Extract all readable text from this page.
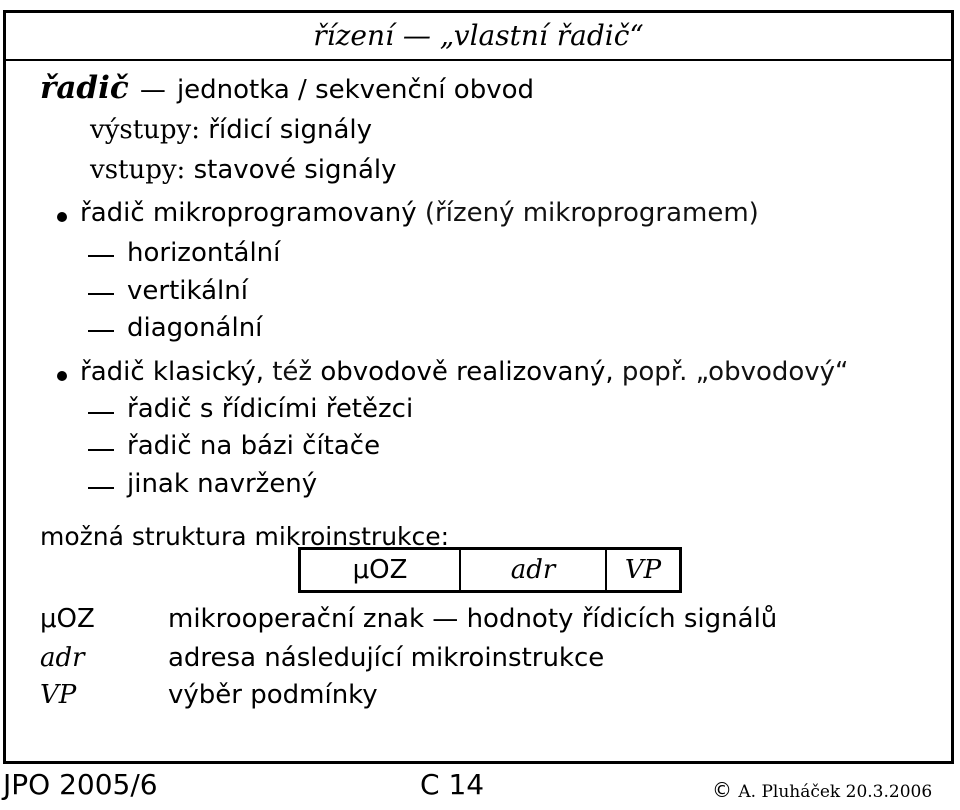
řízení — „vlastní řadič“
řadič — jednotka / sekvenční obvod
výstupy: řídicí signály
vstupy: stavové signály
řadič mikroprogramovaný (řízený mikroprogramem)
horizontální
vertikální
diagonální
řadič klasický, též obvodově realizovaný, popř. „obvodový“
řadič s řídicími řetězci
řadič na bázi čítače
jinak navržený
možná struktura mikroinstrukce:
μOZ	adr	VP
μOZ	mikrooperační znak — hodnoty řídicích signálů
adr	adresa následující mikroinstrukce
VP	výběr podmínky
JPO 2005/6	C 14	© A. Pluháček 20.3.2006
